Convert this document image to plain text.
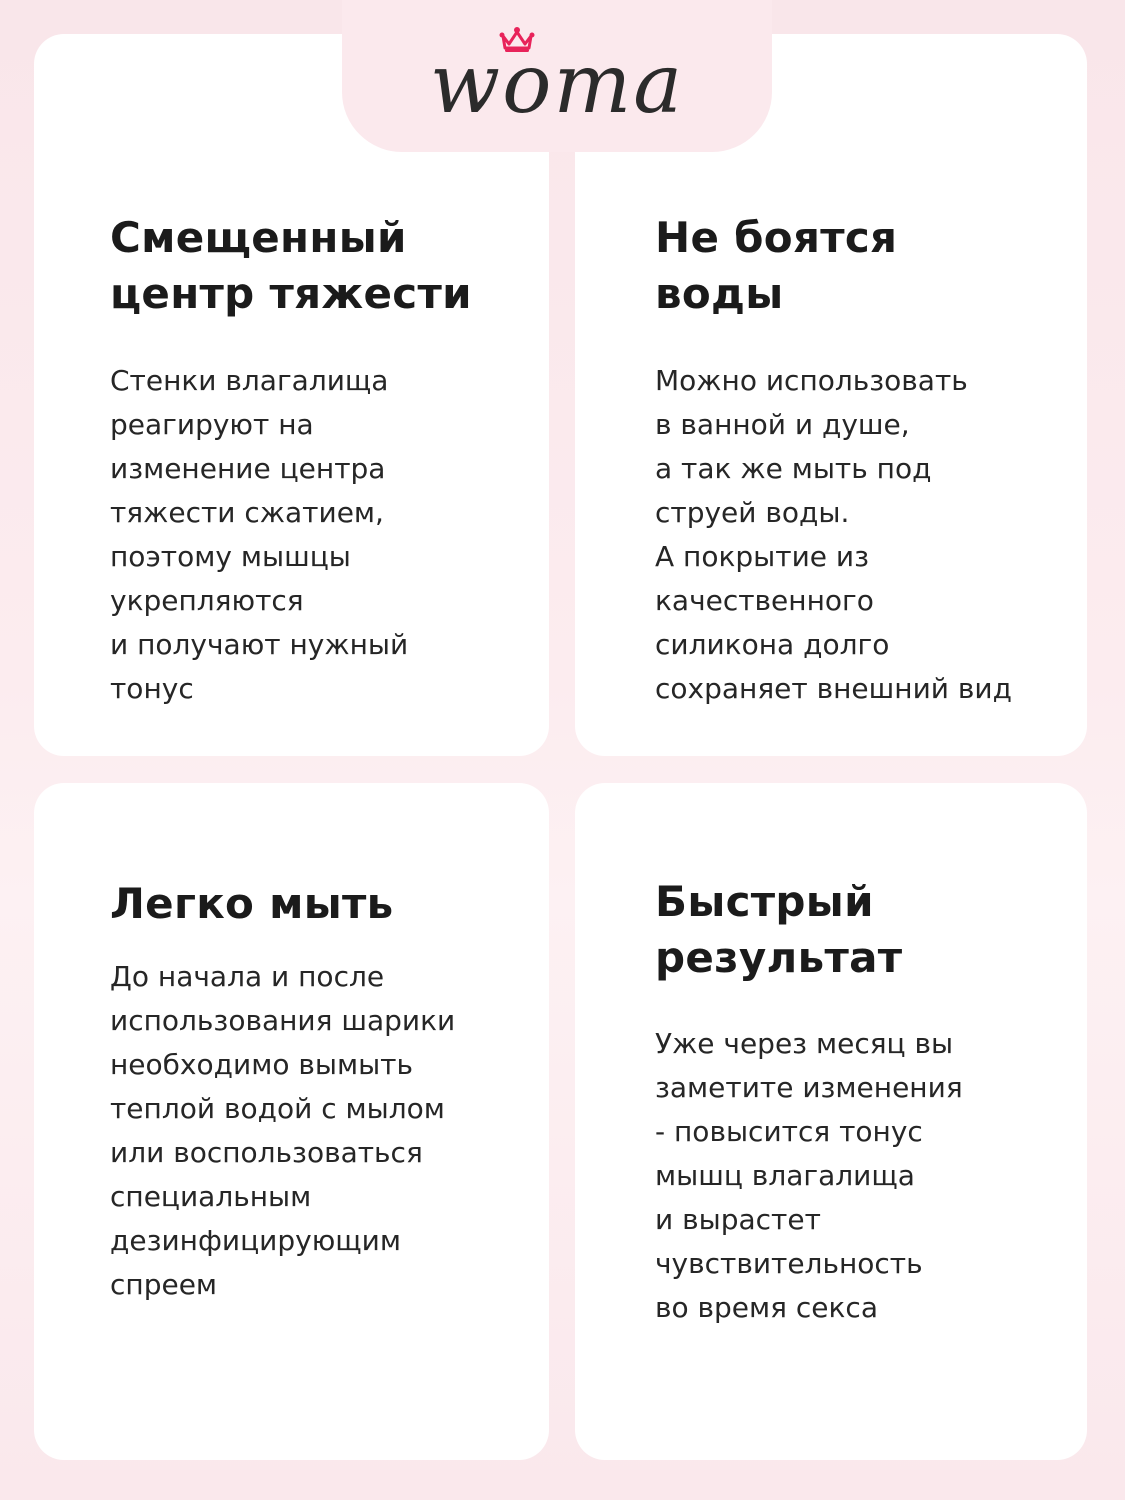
woma
Смещенный
центр тяжести

Стенки влагалища
реагируют на
изменение центра
тяжести сжатием,
поэтому мышцы
укрепляются
и получают нужный
тонус

Не боятся
воды

Можно использовать
в ванной и душе,
а так же мыть под
струей воды.
А покрытие из
качественного
силикона долго
сохраняет внешний вид

Легко мыть

До начала и после
использования шарики
необходимо вымыть
теплой водой с мылом
или воспользоваться
специальным
дезинфицирующим
спреем

Быстрый
результат

Уже через месяц вы
заметите изменения
- повысится тонус
мышц влагалища
и вырастет
чувствительность
во время секса
